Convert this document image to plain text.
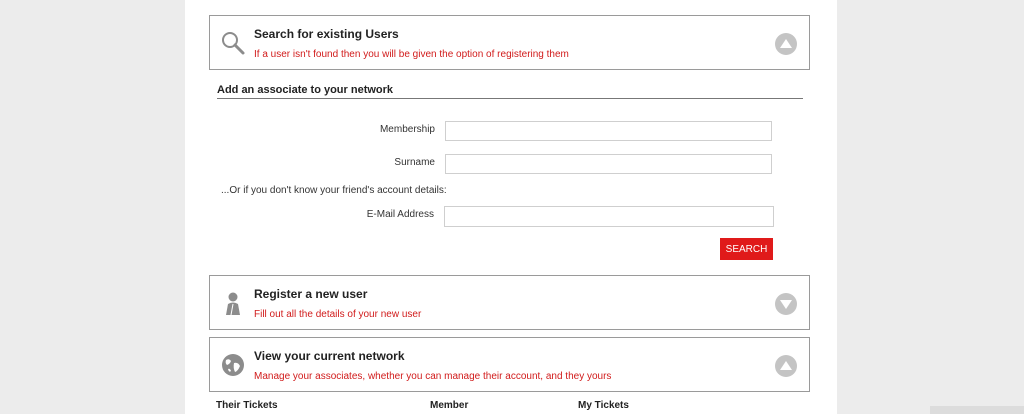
Search for existing Users
If a user isn't found then you will be given the option of registering them
Add an associate to your network
Membership
Surname
...Or if you don't know your friend's account details:
E-Mail Address
SEARCH
Register a new user
Fill out all the details of your new user
View your current network
Manage your associates, whether you can manage their account, and they yours
Their Tickets	Member	My Tickets
